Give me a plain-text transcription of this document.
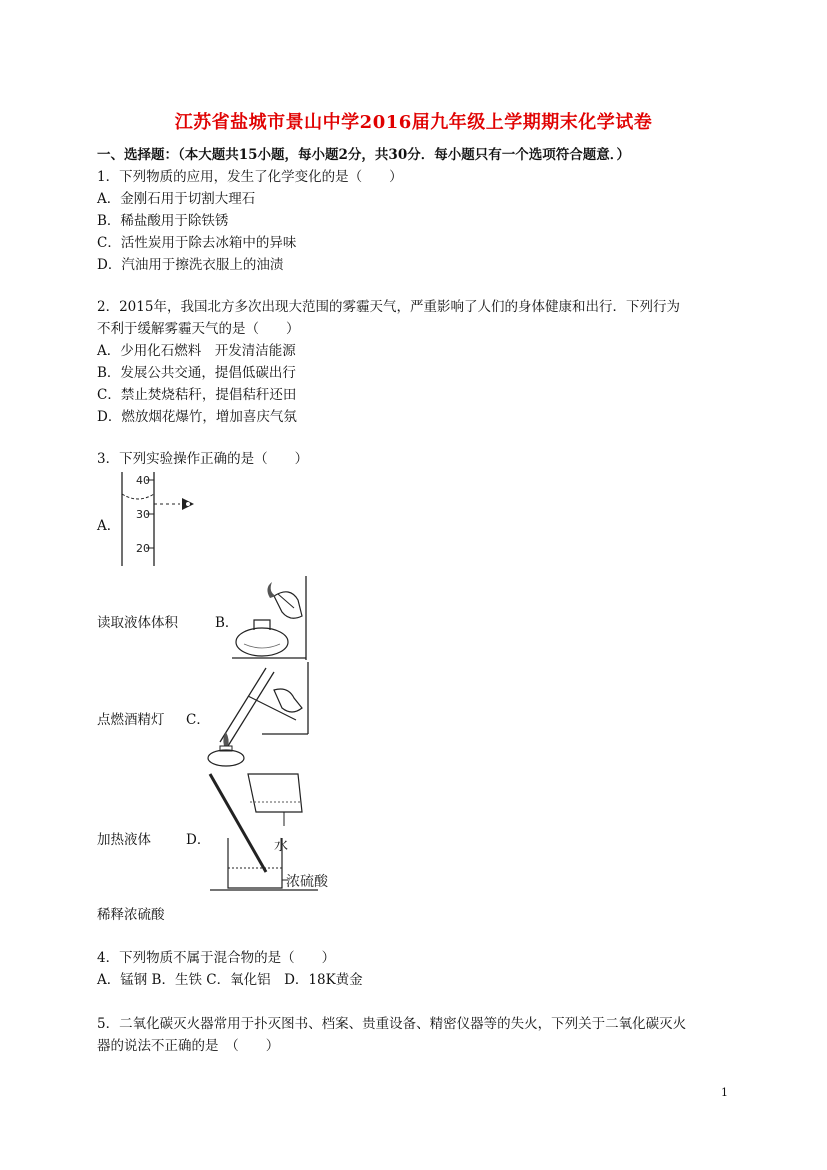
江苏省盐城市景山中学2016届九年级上学期期末化学试卷
一、选择题：（本大题共15小题，每小题2分，共30分．每小题只有一个选项符合题意．）
1．下列物质的应用，发生了化学变化的是（　　）
A．金刚石用于切割大理石
B．稀盐酸用于除铁锈
C．活性炭用于除去冰箱中的异味
D．汽油用于擦洗衣服上的油渍
2．2015年，我国北方多次出现大范围的雾霾天气，严重影响了人们的身体健康和出行．下列行为
不利于缓解雾霾天气的是（　　）
A．少用化石燃料　开发清洁能源
B．发展公共交通，提倡低碳出行
C．禁止焚烧秸秆，提倡秸秆还田
D．燃放烟花爆竹，增加喜庆气氛
3．下列实验操作正确的是（　　）
A．
40
30
20
读取液体体积	B．
点燃酒精灯 C．
加热液体	D．	水
浓硫酸
稀释浓硫酸
4．下列物质不属于混合物的是（　　）
A．锰钢 B．生铁 C．氧化铝　D．18K黄金
5．二氧化碳灭火器常用于扑灭图书、档案、贵重设备、精密仪器等的失火，下列关于二氧化碳灭火
器的说法不正确的是　（　　）
1
